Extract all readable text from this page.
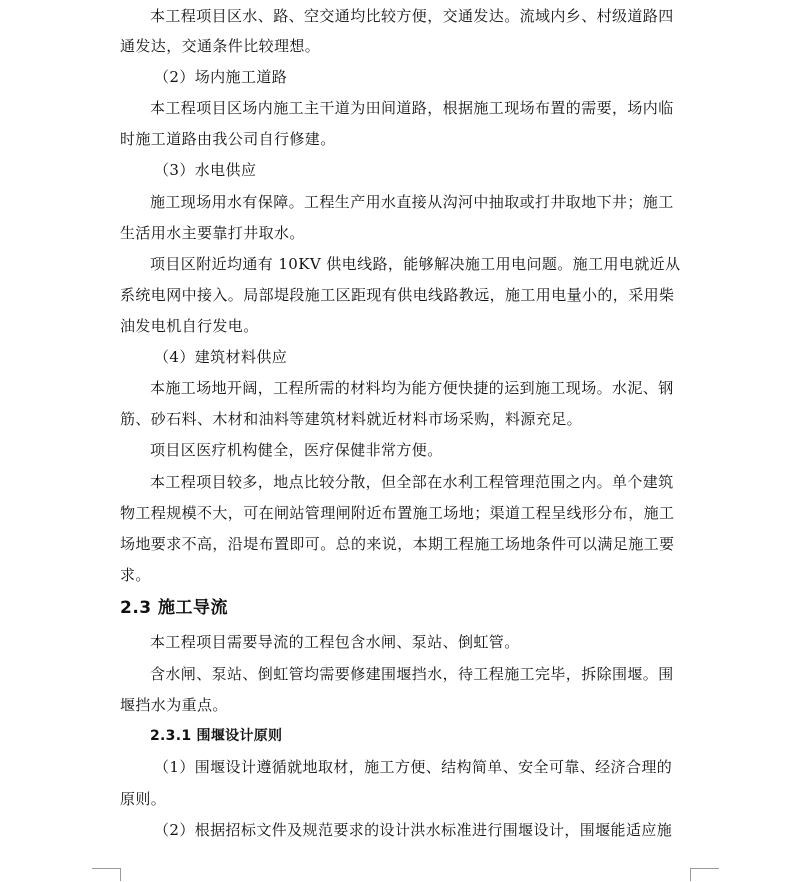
本工程项目区水、路、空交通均比较方便，交通发达。流域内乡、村级道路四
通发达，交通条件比较理想。
（2）场内施工道路
本工程项目区场内施工主干道为田间道路，根据施工现场布置的需要，场内临
时施工道路由我公司自行修建。
（3）水电供应
施工现场用水有保障。工程生产用水直接从沟河中抽取或打井取地下井；施工
生活用水主要靠打井取水。
项目区附近均通有 10KV 供电线路，能够解决施工用电问题。施工用电就近从
系统电网中接入。局部堤段施工区距现有供电线路教远，施工用电量小的，采用柴
油发电机自行发电。
（4）建筑材料供应
本施工场地开阔，工程所需的材料均为能方便快捷的运到施工现场。水泥、钢
筋、砂石料、木材和油料等建筑材料就近材料市场采购，料源充足。
项目区医疗机构健全，医疗保健非常方便。
本工程项目较多，地点比较分散，但全部在水利工程管理范围之内。单个建筑
物工程规模不大，可在闸站管理闸附近布置施工场地；渠道工程呈线形分布，施工
场地要求不高，沿堤布置即可。总的来说，本期工程施工场地条件可以满足施工要
求。
2.3 施工导流
本工程项目需要导流的工程包含水闸、泵站、倒虹管。
含水闸、泵站、倒虹管均需要修建围堰挡水，待工程施工完毕，拆除围堰。围
堰挡水为重点。
2.3.1 围堰设计原则
（1）围堰设计遵循就地取材，施工方便、结构简单、安全可靠、经济合理的
原则。
（2）根据招标文件及规范要求的设计洪水标准进行围堰设计，围堰能适应施
